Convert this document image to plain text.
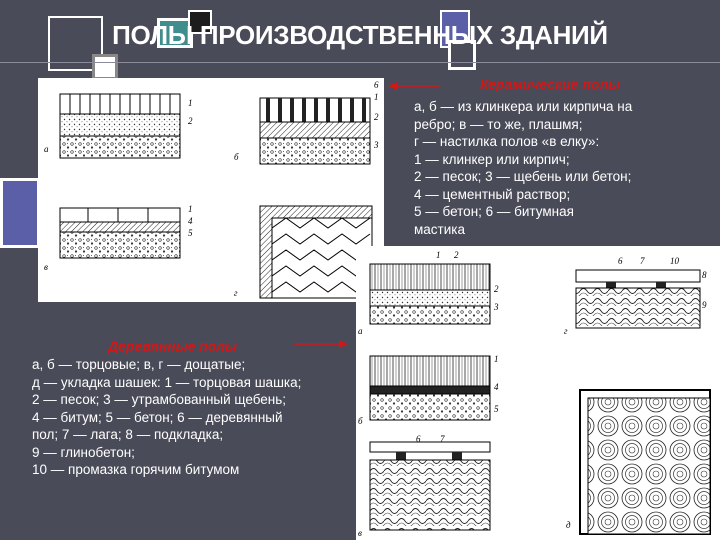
ПОЛЫ ПРОИЗВОДСТВЕННЫХ ЗДАНИЙ
Керамические полы
а, б — из клинкера или кирпича на
ребро; в — то же, плашмя;
г — настилка полов «в елку»:
1 — клинкер или кирпич;
2 — песок; 3 — щебень или бетон;
4 — цементный раствор;
5 — бетон; 6 — битумная
мастика
а
1
2
б
6
1
2
3
в
1
4
5
г
Деревянные полы
а, б — торцовые; в, г — дощатые;
д — укладка шашек: 1 — торцовая шашка;
2 — песок; 3 — утрамбованный щебень;
4 — битум; 5 — бетон; 6 — деревянный
пол; 7 — лага; 8 — подкладка;
9 — глинобетон;
10 — промазка горячим битумом
а
1 2
2
3
б
1
4
5
в
6 7
г
6 7	10
8
9
д
